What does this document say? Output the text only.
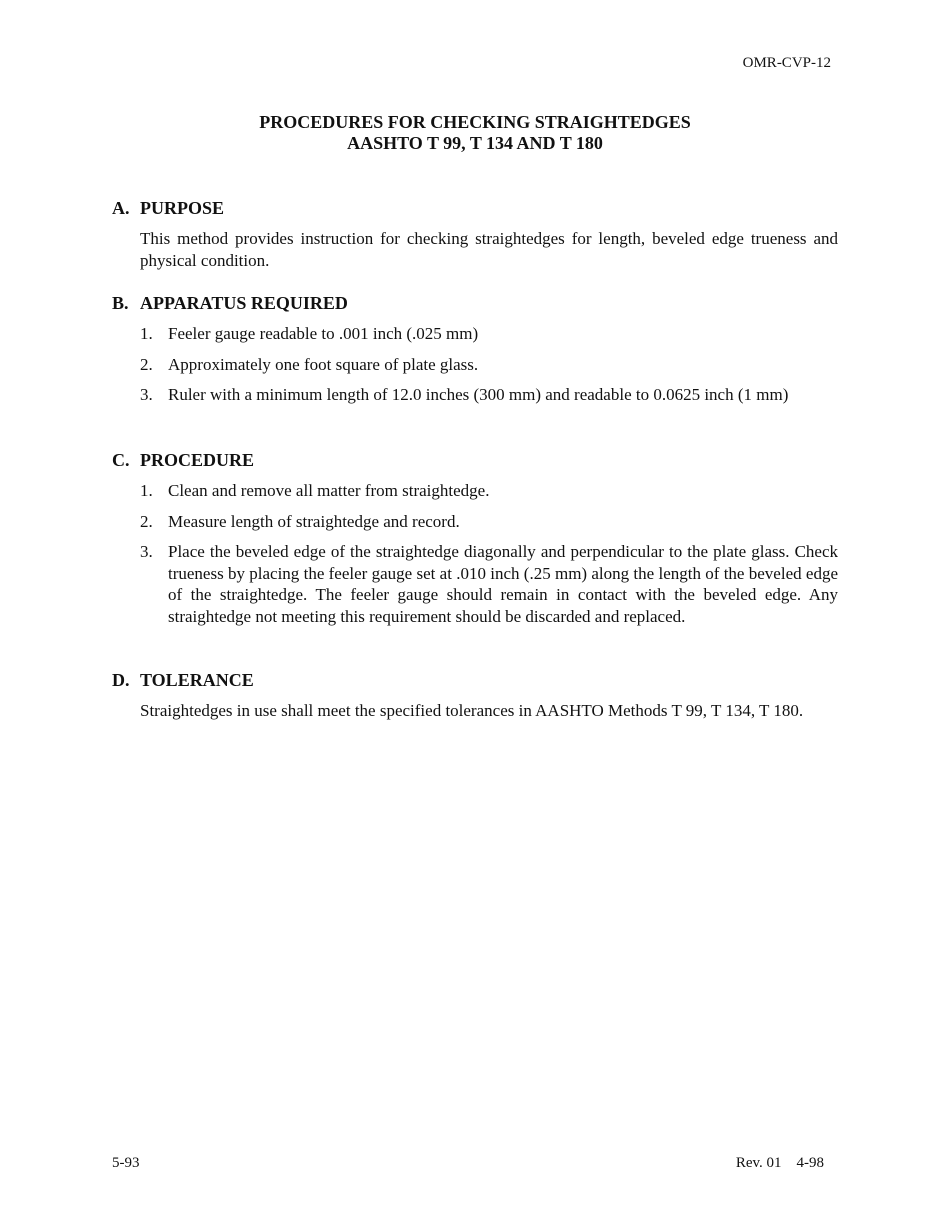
OMR-CVP-12
PROCEDURES FOR CHECKING STRAIGHTEDGES
AASHTO T 99, T 134 AND T 180
A. PURPOSE
This method provides instruction for checking straightedges for length, beveled edge trueness and physical condition.
B. APPARATUS REQUIRED
1. Feeler gauge readable to .001 inch (.025 mm)
2. Approximately one foot square of plate glass.
3. Ruler with a minimum length of 12.0 inches (300 mm) and readable to 0.0625 inch (1 mm)
C. PROCEDURE
1. Clean and remove all matter from straightedge.
2. Measure length of straightedge and record.
3. Place the beveled edge of the straightedge diagonally and perpendicular to the plate glass. Check trueness by placing the feeler gauge set at .010 inch (.25 mm) along the length of the beveled edge of the straightedge. The feeler gauge should remain in contact with the beveled edge. Any straightedge not meeting this requirement should be discarded and replaced.
D. TOLERANCE
Straightedges in use shall meet the specified tolerances in AASHTO Methods T 99, T 134, T 180.
5-93	Rev. 01    4-98
